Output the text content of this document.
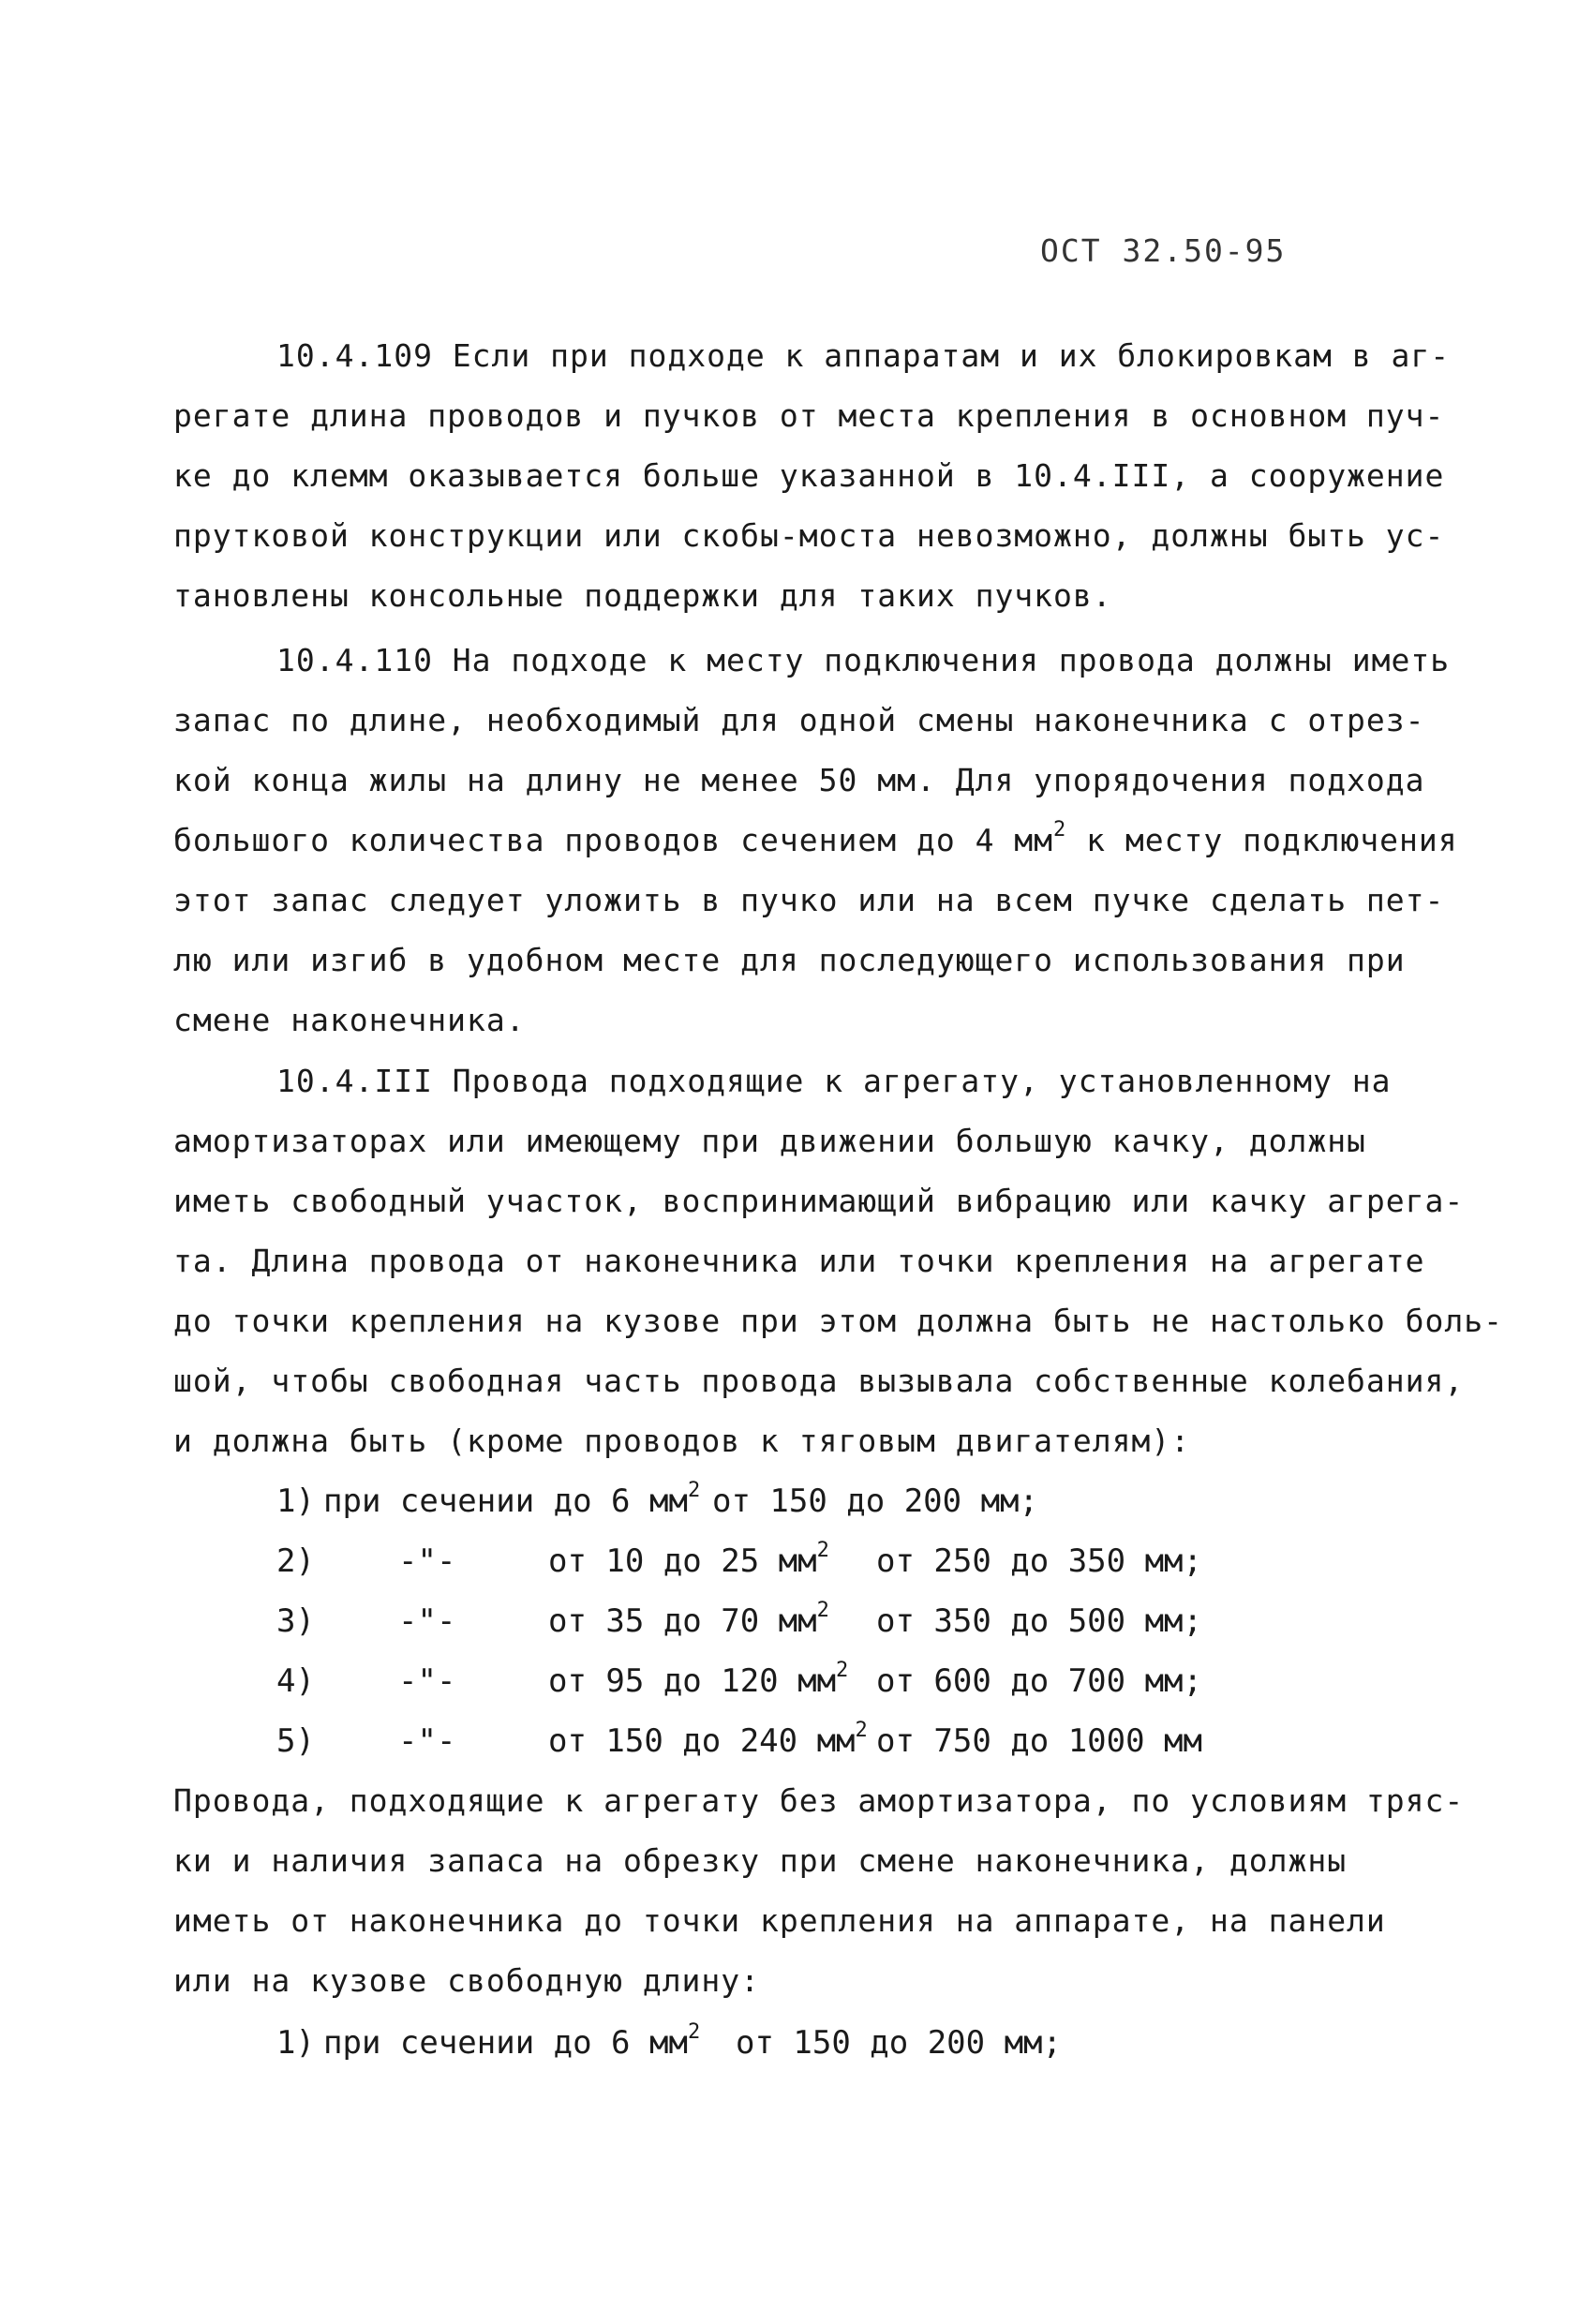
ОСТ 32.50-95
10.4.109 Если при подходе к аппаратам и их блокировкам в аг-
регате длина проводов и пучков от места крепления в основном пуч-
ке до клемм оказывается больше указанной в 10.4.III, а сооружение
прутковой конструкции или скобы-моста невозможно, должны быть ус-
тановлены консольные поддержки для таких пучков.
10.4.110 На подходе к месту подключения провода должны иметь
запас по длине, необходимый для одной смены наконечника с отрез-
кой конца жилы на длину не менее 50 мм. Для упорядочения подхода
большого количества проводов сечением до 4 $мм^2$ к месту подключения
этот запас следует уложить в пучко или на всем пучке сделать пет-
лю или изгиб в удобном месте для последующего использования при
смене наконечника.
10.4.III Провода подходящие к агрегату, установленному на
амортизаторах или имеющему при движении большую качку, должны
иметь свободный участок, воспринимающий вибрацию или качку агрега-
та. Длина провода от наконечника или точки крепления на агрегате
до точки крепления на кузове при этом должна быть не настолько боль-
шой, чтобы свободная часть провода вызывала собственные колебания,
и должна быть (кроме проводов к тяговым двигателям):
1) при сечении до 6 $мм^2$ от 150 до 200 мм;
2)	-"-	от 10 до 25 $мм^2$ от 250 до 350 мм;
3)	-"-	от 35 до 70 $мм^2$ от 350 до 500 мм;
4)	-"-	от 95 до 120 $мм^2$ от 600 до 700 мм;
5)	-"-	от 150 до 240 $мм^2$ от 750 до 1000 мм
Провода, подходящие к агрегату без амортизатора, по условиям тряс-
ки и наличия запаса на обрезку при смене наконечника, должны
иметь от наконечника до точки крепления на аппарате, на панели
или на кузове свободную длину:
1) при сечении до 6 $мм^2$ от 150 до 200 мм;
